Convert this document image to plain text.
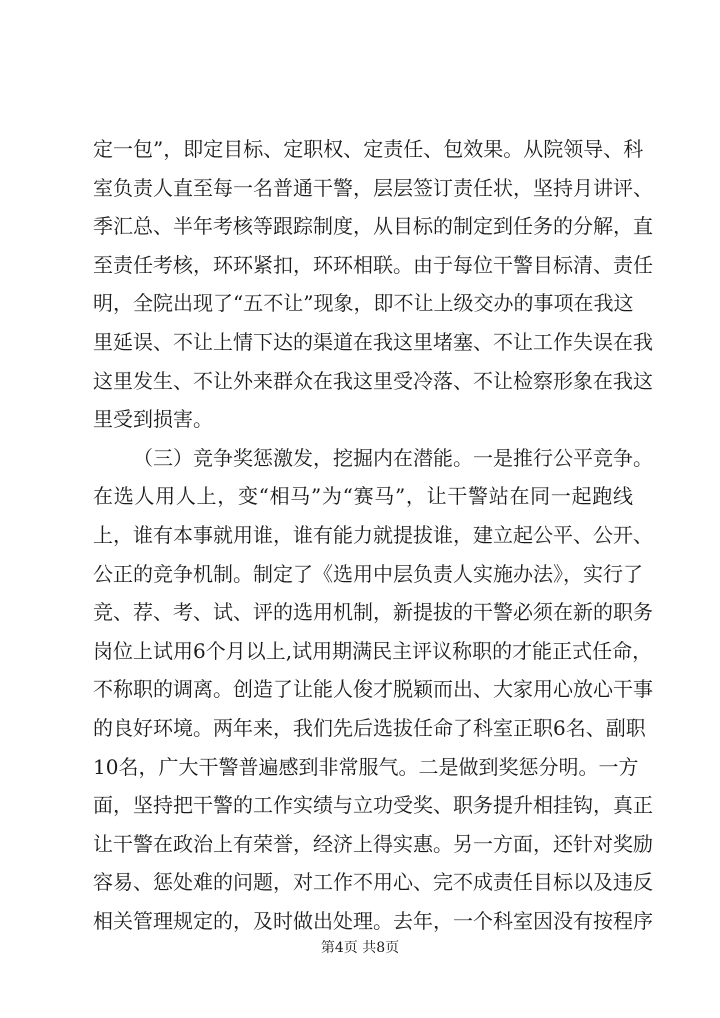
定一包”，即定目标、定职权、定责任、包效果。从院领导、科
室负责人直至每一名普通干警，层层签订责任状，坚持月讲评、
季汇总、半年考核等跟踪制度，从目标的制定到任务的分解，直
至责任考核，环环紧扣，环环相联。由于每位干警目标清、责任
明，全院出现了“五不让”现象，即不让上级交办的事项在我这
里延误、不让上情下达的渠道在我这里堵塞、不让工作失误在我
这里发生、不让外来群众在我这里受冷落、不让检察形象在我这
里受到损害。
（三）竞争奖惩激发，挖掘内在潜能。一是推行公平竞争。
在选人用人上，变“相马”为“赛马”，让干警站在同一起跑线
上，谁有本事就用谁，谁有能力就提拔谁，建立起公平、公开、
公正的竞争机制。制定了《选用中层负责人实施办法》，实行了
竞、荐、考、试、评的选用机制，新提拔的干警必须在新的职务
岗位上试用6个月以上,试用期满民主评议称职的才能正式任命，
不称职的调离。创造了让能人俊才脱颖而出、大家用心放心干事
的良好环境。两年来，我们先后选拔任命了科室正职6名、副职
10名，广大干警普遍感到非常服气。二是做到奖惩分明。一方
面，坚持把干警的工作实绩与立功受奖、职务提升相挂钩，真正
让干警在政治上有荣誉，经济上得实惠。另一方面，还针对奖励
容易、惩处难的问题，对工作不用心、完不成责任目标以及违反
相关管理规定的，及时做出处理。去年，一个科室因没有按程序
第4页 共8页
